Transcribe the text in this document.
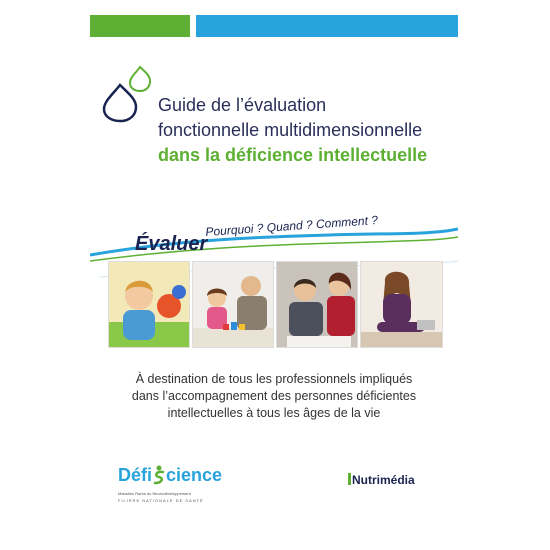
Guide de l’évaluation
fonctionnelle multidimensionnelle
dans la déficience intellectuelle
Évaluer
Pourquoi ? Quand ? Comment ?
À destination de tous les professionnels impliqués
dans l’accompagnement des personnes déficientes
intellectuelles à tous les âges de la vie
Défi cience
Maladies Rares du Neurodéveloppement
FILIÈRE NATIONALE DE SANTÉ
Nutrimédia
